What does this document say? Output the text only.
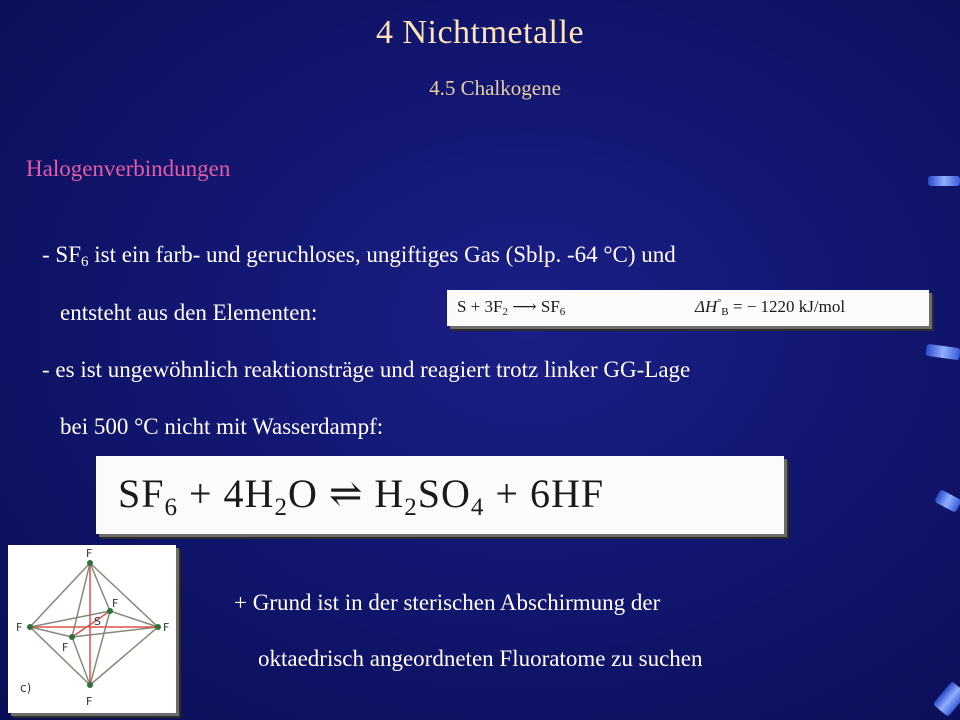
4 Nichtmetalle
4.5 Chalkogene
Halogenverbindungen
- $SF_6$ ist ein farb- und geruchloses, ungiftiges Gas (Sblp. -64 °C) und
entsteht aus den Elementen:	$S + 3F_2$ ⟶ $SF_6$	$\Delta H^\circ_B$ = − 1220 kJ/mol
- es ist ungewöhnlich reaktionsträge und reagiert trotz linker GG-Lage
bei 500 °C nicht mit Wasserdampf:
$SF_6 + 4H_2O$ ⇌ $H_2SO_4 + 6HF$
F
F
F	F
F
F
S
c)
+ Grund ist in der sterischen Abschirmung der
oktaedrisch angeordneten Fluoratome zu suchen
